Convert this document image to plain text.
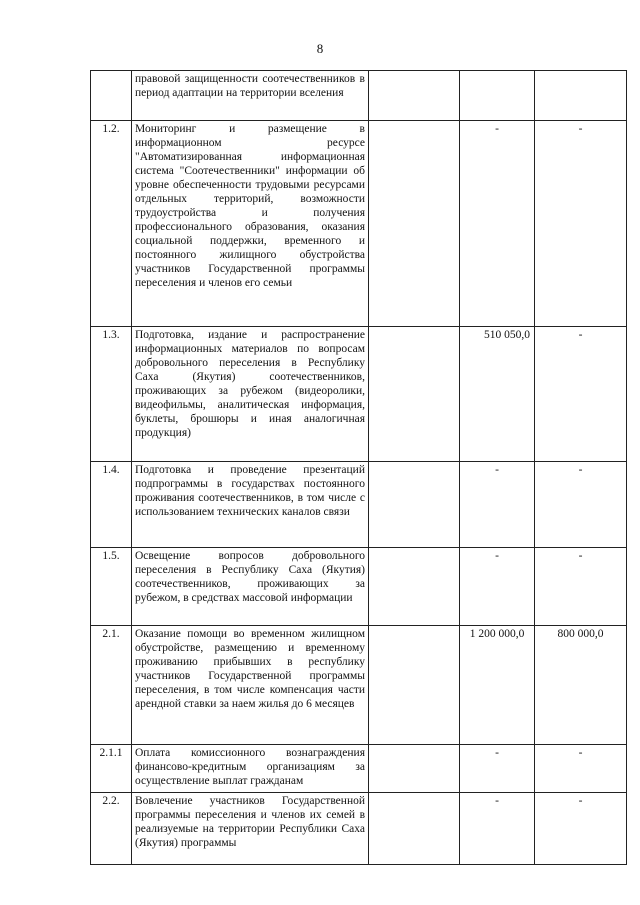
8
	правовой защищенности соотечественников в период адаптации на территории вселения			
1.2.	Мониторинг и размещение в информационном ресурсе "Автоматизированная информационная система "Соотечественники" информации об уровне обеспеченности трудовыми ресурсами отдельных территорий, возможности трудоустройства и получения профессионального образования, оказания социальной поддержки, временного и постоянного жилищного обустройства участников Государственной программы переселения и членов его семьи		-	-
1.3.	Подготовка, издание и распространение информационных материалов по вопросам добровольного переселения в Республику Саха (Якутия) соотечественников, проживающих за рубежом (видеоролики, видеофильмы, аналитическая информация, буклеты, брошюры и иная аналогичная продукция)		510 050,0	-
1.4.	Подготовка и проведение презентаций подпрограммы в государствах постоянного проживания соотечественников, в том числе с использованием технических каналов связи		-	-
1.5.	Освещение вопросов добровольного переселения в Республику Саха (Якутия) соотечественников, проживающих за рубежом, в средствах массовой информации		-	-
2.1.	Оказание помощи во временном жилищном обустройстве, размещению и временному проживанию прибывших в республику участников Государственной программы переселения, в том числе компенсация части арендной ставки за наем жилья до 6 месяцев		1 200 000,0	800 000,0
2.1.1	Оплата комиссионного вознаграждения финансово-кредитным организациям за осуществление выплат гражданам		-	-
2.2.	Вовлечение участников Государственной программы переселения и членов их семей в реализуемые на территории Республики Саха (Якутия) программы		-	-
